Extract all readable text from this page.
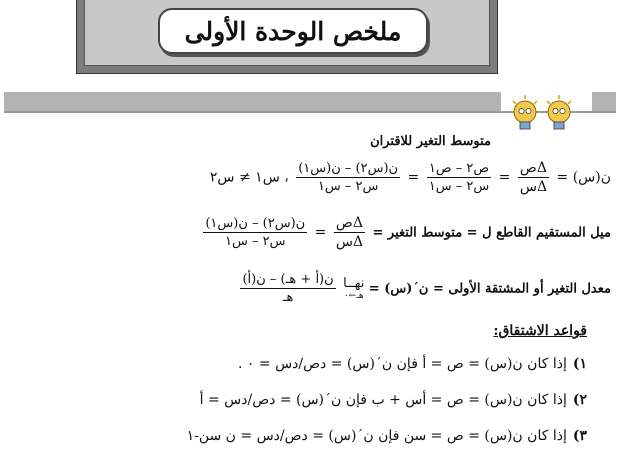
ملخص الوحدة الأولى
متوسط التغير للاقتران
ن(س) =
$\frac{\text{Δص}}{\text{Δس}}$
=
$\frac{\text{ص٢ – ص١}}{\text{س٢ – س١}}$
=
$\frac{\text{ن(س٢) – ن(س١)}}{\text{س٢ – س١}}$
، س١ ≠ س٢
ميل المستقيم القاطع ل = متوسط التغير =
$\frac{\text{Δص}}{\text{Δس}}$
=
$\frac{\text{ن(س٢) – ن(س١)}}{\text{س٢ – س١}}$
معدل التغير أو المشتقة الأولى = ن´(س) =
نهــا
هـ←٠

$\frac{\text{ن(أ + هـ) – ن(أ)}}{\text{هـ}}$
قواعد الاشتقاق:
١)إذا كان ن(س) = ص = أ فإن ن´(س) = دص/دس = ٠ .
٢)إذا كان ن(س) = ص = أس + ب فإن ن´(س) = دص/دس = أ
٣)إذا كان ن(س) = ص = سن فإن ن´(س) = دص/دس = ن سن-١
